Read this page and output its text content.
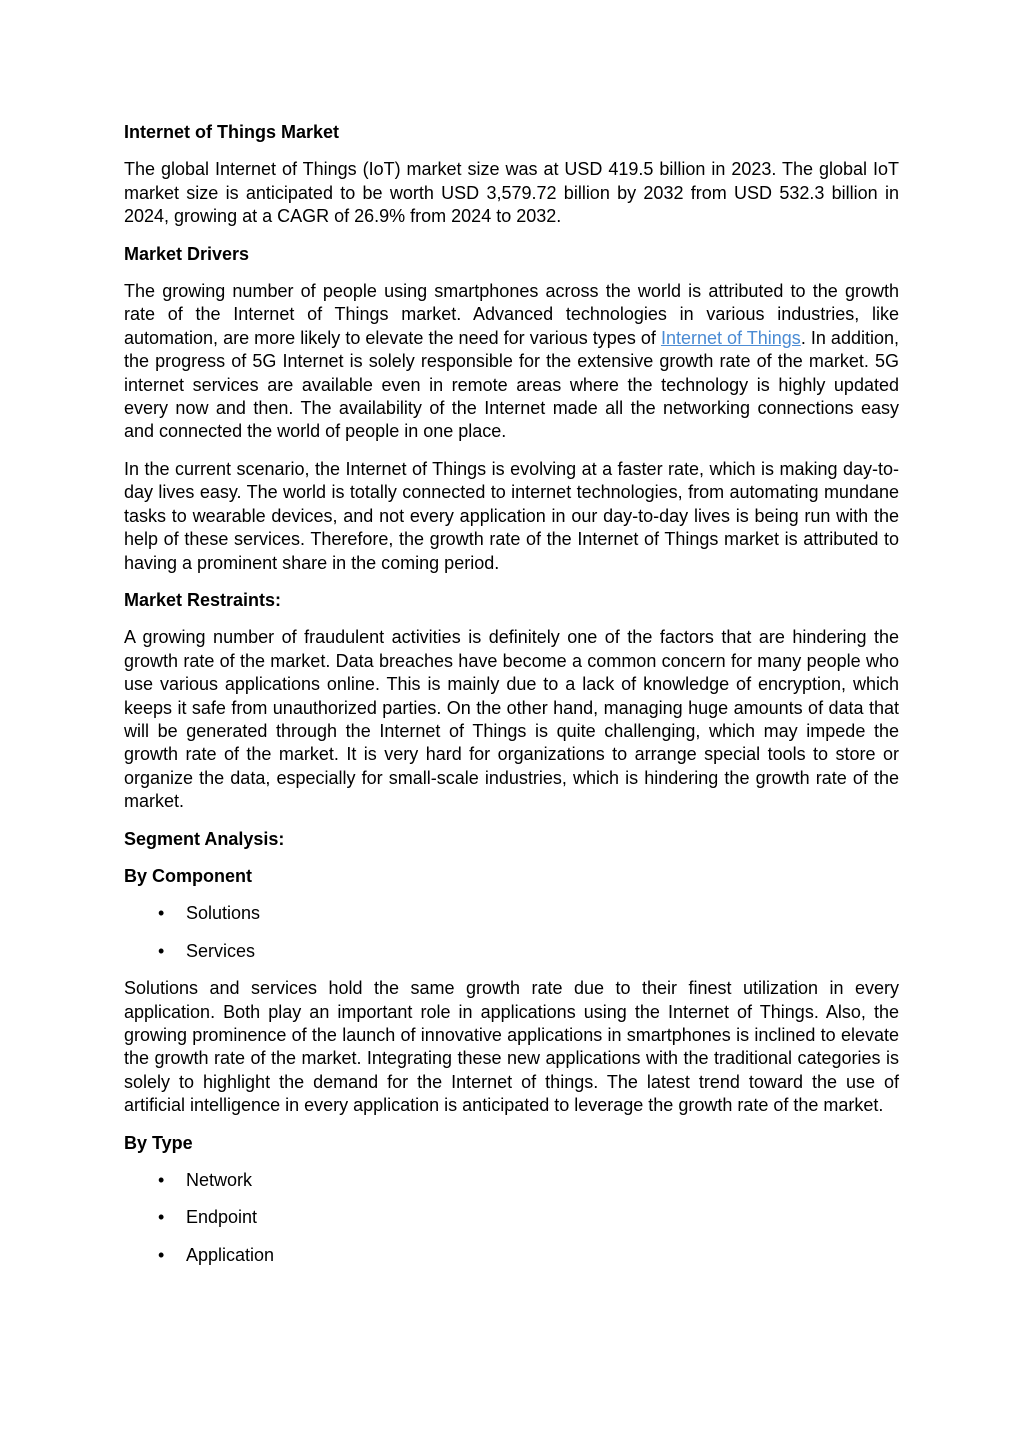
Internet of Things Market
The global Internet of Things (IoT) market size was at USD 419.5 billion in 2023. The global IoT market size is anticipated to be worth USD 3,579.72 billion by 2032 from USD 532.3 billion in 2024, growing at a CAGR of 26.9% from 2024 to 2032.
Market Drivers
The growing number of people using smartphones across the world is attributed to the growth rate of the Internet of Things market. Advanced technologies in various industries, like automation, are more likely to elevate the need for various types of Internet of Things. In addition, the progress of 5G Internet is solely responsible for the extensive growth rate of the market. 5G internet services are available even in remote areas where the technology is highly updated every now and then. The availability of the Internet made all the networking connections easy and connected the world of people in one place.
In the current scenario, the Internet of Things is evolving at a faster rate, which is making day-to-day lives easy. The world is totally connected to internet technologies, from automating mundane tasks to wearable devices, and not every application in our day-to-day lives is being run with the help of these services. Therefore, the growth rate of the Internet of Things market is attributed to having a prominent share in the coming period.
Market Restraints:
A growing number of fraudulent activities is definitely one of the factors that are hindering the growth rate of the market. Data breaches have become a common concern for many people who use various applications online. This is mainly due to a lack of knowledge of encryption, which keeps it safe from unauthorized parties. On the other hand, managing huge amounts of data that will be generated through the Internet of Things is quite challenging, which may impede the growth rate of the market. It is very hard for organizations to arrange special tools to store or organize the data, especially for small-scale industries, which is hindering the growth rate of the market.
Segment Analysis:
By Component
• Solutions
• Services
Solutions and services hold the same growth rate due to their finest utilization in every application. Both play an important role in applications using the Internet of Things. Also, the growing prominence of the launch of innovative applications in smartphones is inclined to elevate the growth rate of the market. Integrating these new applications with the traditional categories is solely to highlight the demand for the Internet of things. The latest trend toward the use of artificial intelligence in every application is anticipated to leverage the growth rate of the market.
By Type
• Network
• Endpoint
• Application
